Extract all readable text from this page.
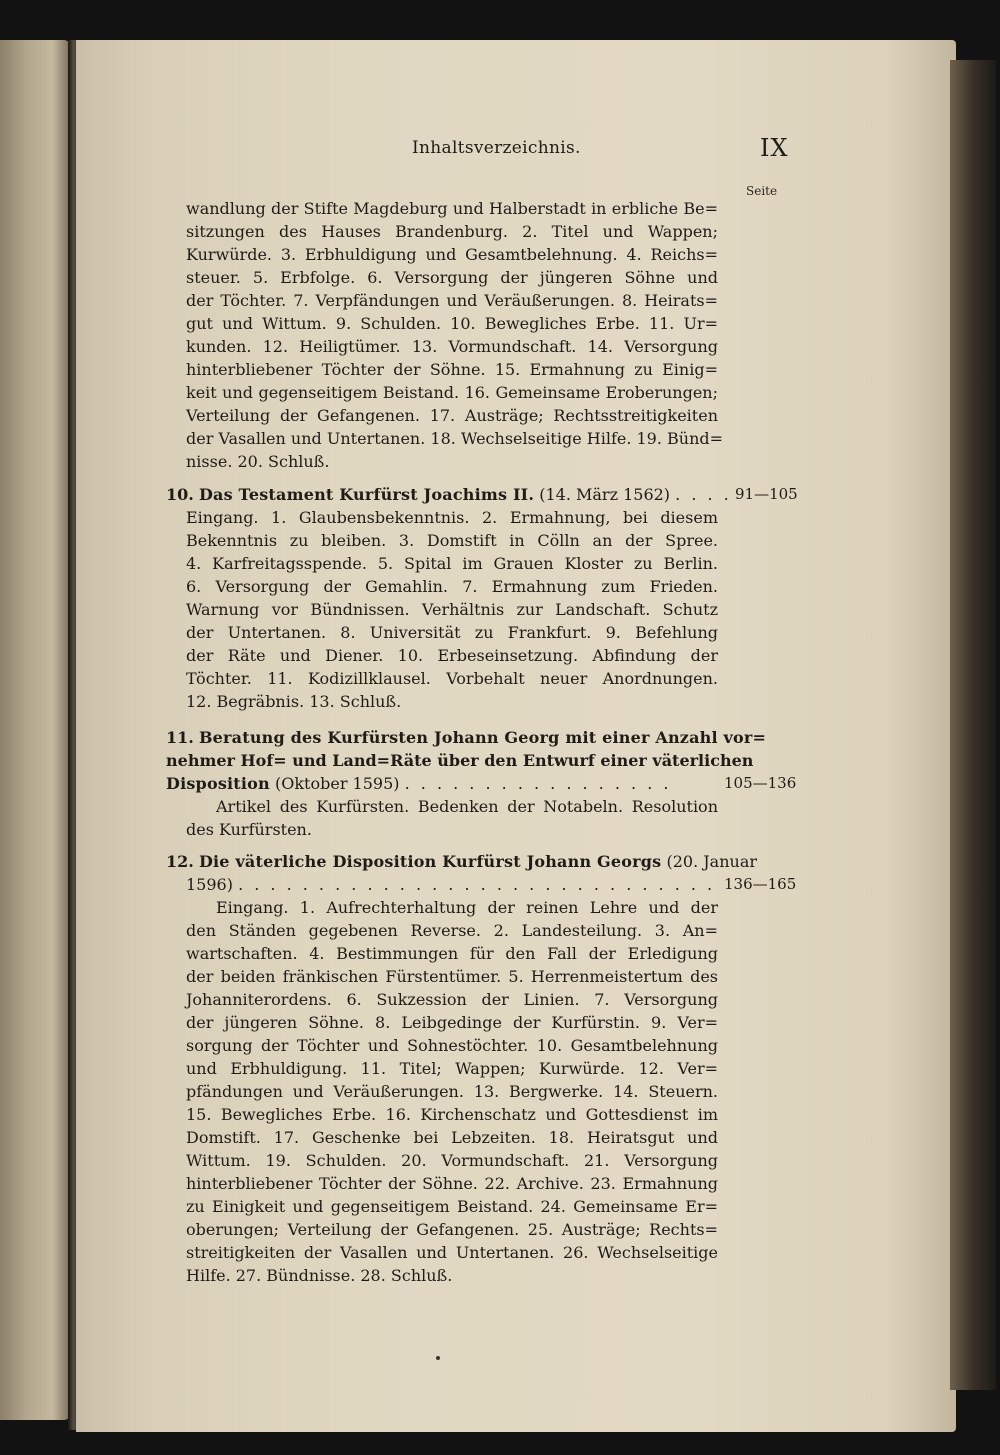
Inhaltsverzeichnis.	IX
Seite
wandlung der Stifte Magdeburg und Halberstadt in erbliche Be=
sitzungen des Hauses Brandenburg. 2. Titel und Wappen;
Kurwürde. 3. Erbhuldigung und Gesamtbelehnung. 4. Reichs=
steuer. 5. Erbfolge. 6. Versorgung der jüngeren Söhne und
der Töchter. 7. Verpfändungen und Veräußerungen. 8. Heirats=
gut und Wittum. 9. Schulden. 10. Bewegliches Erbe. 11. Ur=
kunden. 12. Heiligtümer. 13. Vormundschaft. 14. Versorgung
hinterbliebener Töchter der Söhne. 15. Ermahnung zu Einig=
keit und gegenseitigem Beistand. 16. Gemeinsame Eroberungen;
Verteilung der Gefangenen. 17. Austräge; Rechtsstreitigkeiten
der Vasallen und Untertanen. 18. Wechselseitige Hilfe. 19. Bünd=
nisse. 20. Schluß.
10. Das Testament Kurfürst Joachims II. (14. März 1562) . . . . 91—105
Eingang. 1. Glaubensbekenntnis. 2. Ermahnung, bei diesem
Bekenntnis zu bleiben. 3. Domstift in Cölln an der Spree.
4. Karfreitagsspende. 5. Spital im Grauen Kloster zu Berlin.
6. Versorgung der Gemahlin. 7. Ermahnung zum Frieden.
Warnung vor Bündnissen. Verhältnis zur Landschaft. Schutz
der Untertanen. 8. Universität zu Frankfurt. 9. Befehlung
der Räte und Diener. 10. Erbeseinsetzung. Abfindung der
Töchter. 11. Kodizillklausel. Vorbehalt neuer Anordnungen.
12. Begräbnis. 13. Schluß.
11. Beratung des Kurfürsten Johann Georg mit einer Anzahl vor=
nehmer Hof= und Land=Räte über den Entwurf einer väterlichen
Disposition (Oktober 1595) . . . . . . . . . . . . . . . . .	105—136
Artikel des Kurfürsten. Bedenken der Notabeln. Resolution
des Kurfürsten.
12. Die väterliche Disposition Kurfürst Johann Georgs (20. Januar
1596) . . . . . . . . . . . . . . . . . . . . . . . . . . . . . . 136—165
Eingang. 1. Aufrechterhaltung der reinen Lehre und der
den Ständen gegebenen Reverse. 2. Landesteilung. 3. An=
wartschaften. 4. Bestimmungen für den Fall der Erledigung
der beiden fränkischen Fürstentümer. 5. Herrenmeistertum des
Johanniterordens. 6. Sukzession der Linien. 7. Versorgung
der jüngeren Söhne. 8. Leibgedinge der Kurfürstin. 9. Ver=
sorgung der Töchter und Sohnestöchter. 10. Gesamtbelehnung
und Erbhuldigung. 11. Titel; Wappen; Kurwürde. 12. Ver=
pfändungen und Veräußerungen. 13. Bergwerke. 14. Steuern.
15. Bewegliches Erbe. 16. Kirchenschatz und Gottesdienst im
Domstift. 17. Geschenke bei Lebzeiten. 18. Heiratsgut und
Wittum. 19. Schulden. 20. Vormundschaft. 21. Versorgung
hinterbliebener Töchter der Söhne. 22. Archive. 23. Ermahnung
zu Einigkeit und gegenseitigem Beistand. 24. Gemeinsame Er=
oberungen; Verteilung der Gefangenen. 25. Austräge; Rechts=
streitigkeiten der Vasallen und Untertanen. 26. Wechselseitige
Hilfe. 27. Bündnisse. 28. Schluß.
